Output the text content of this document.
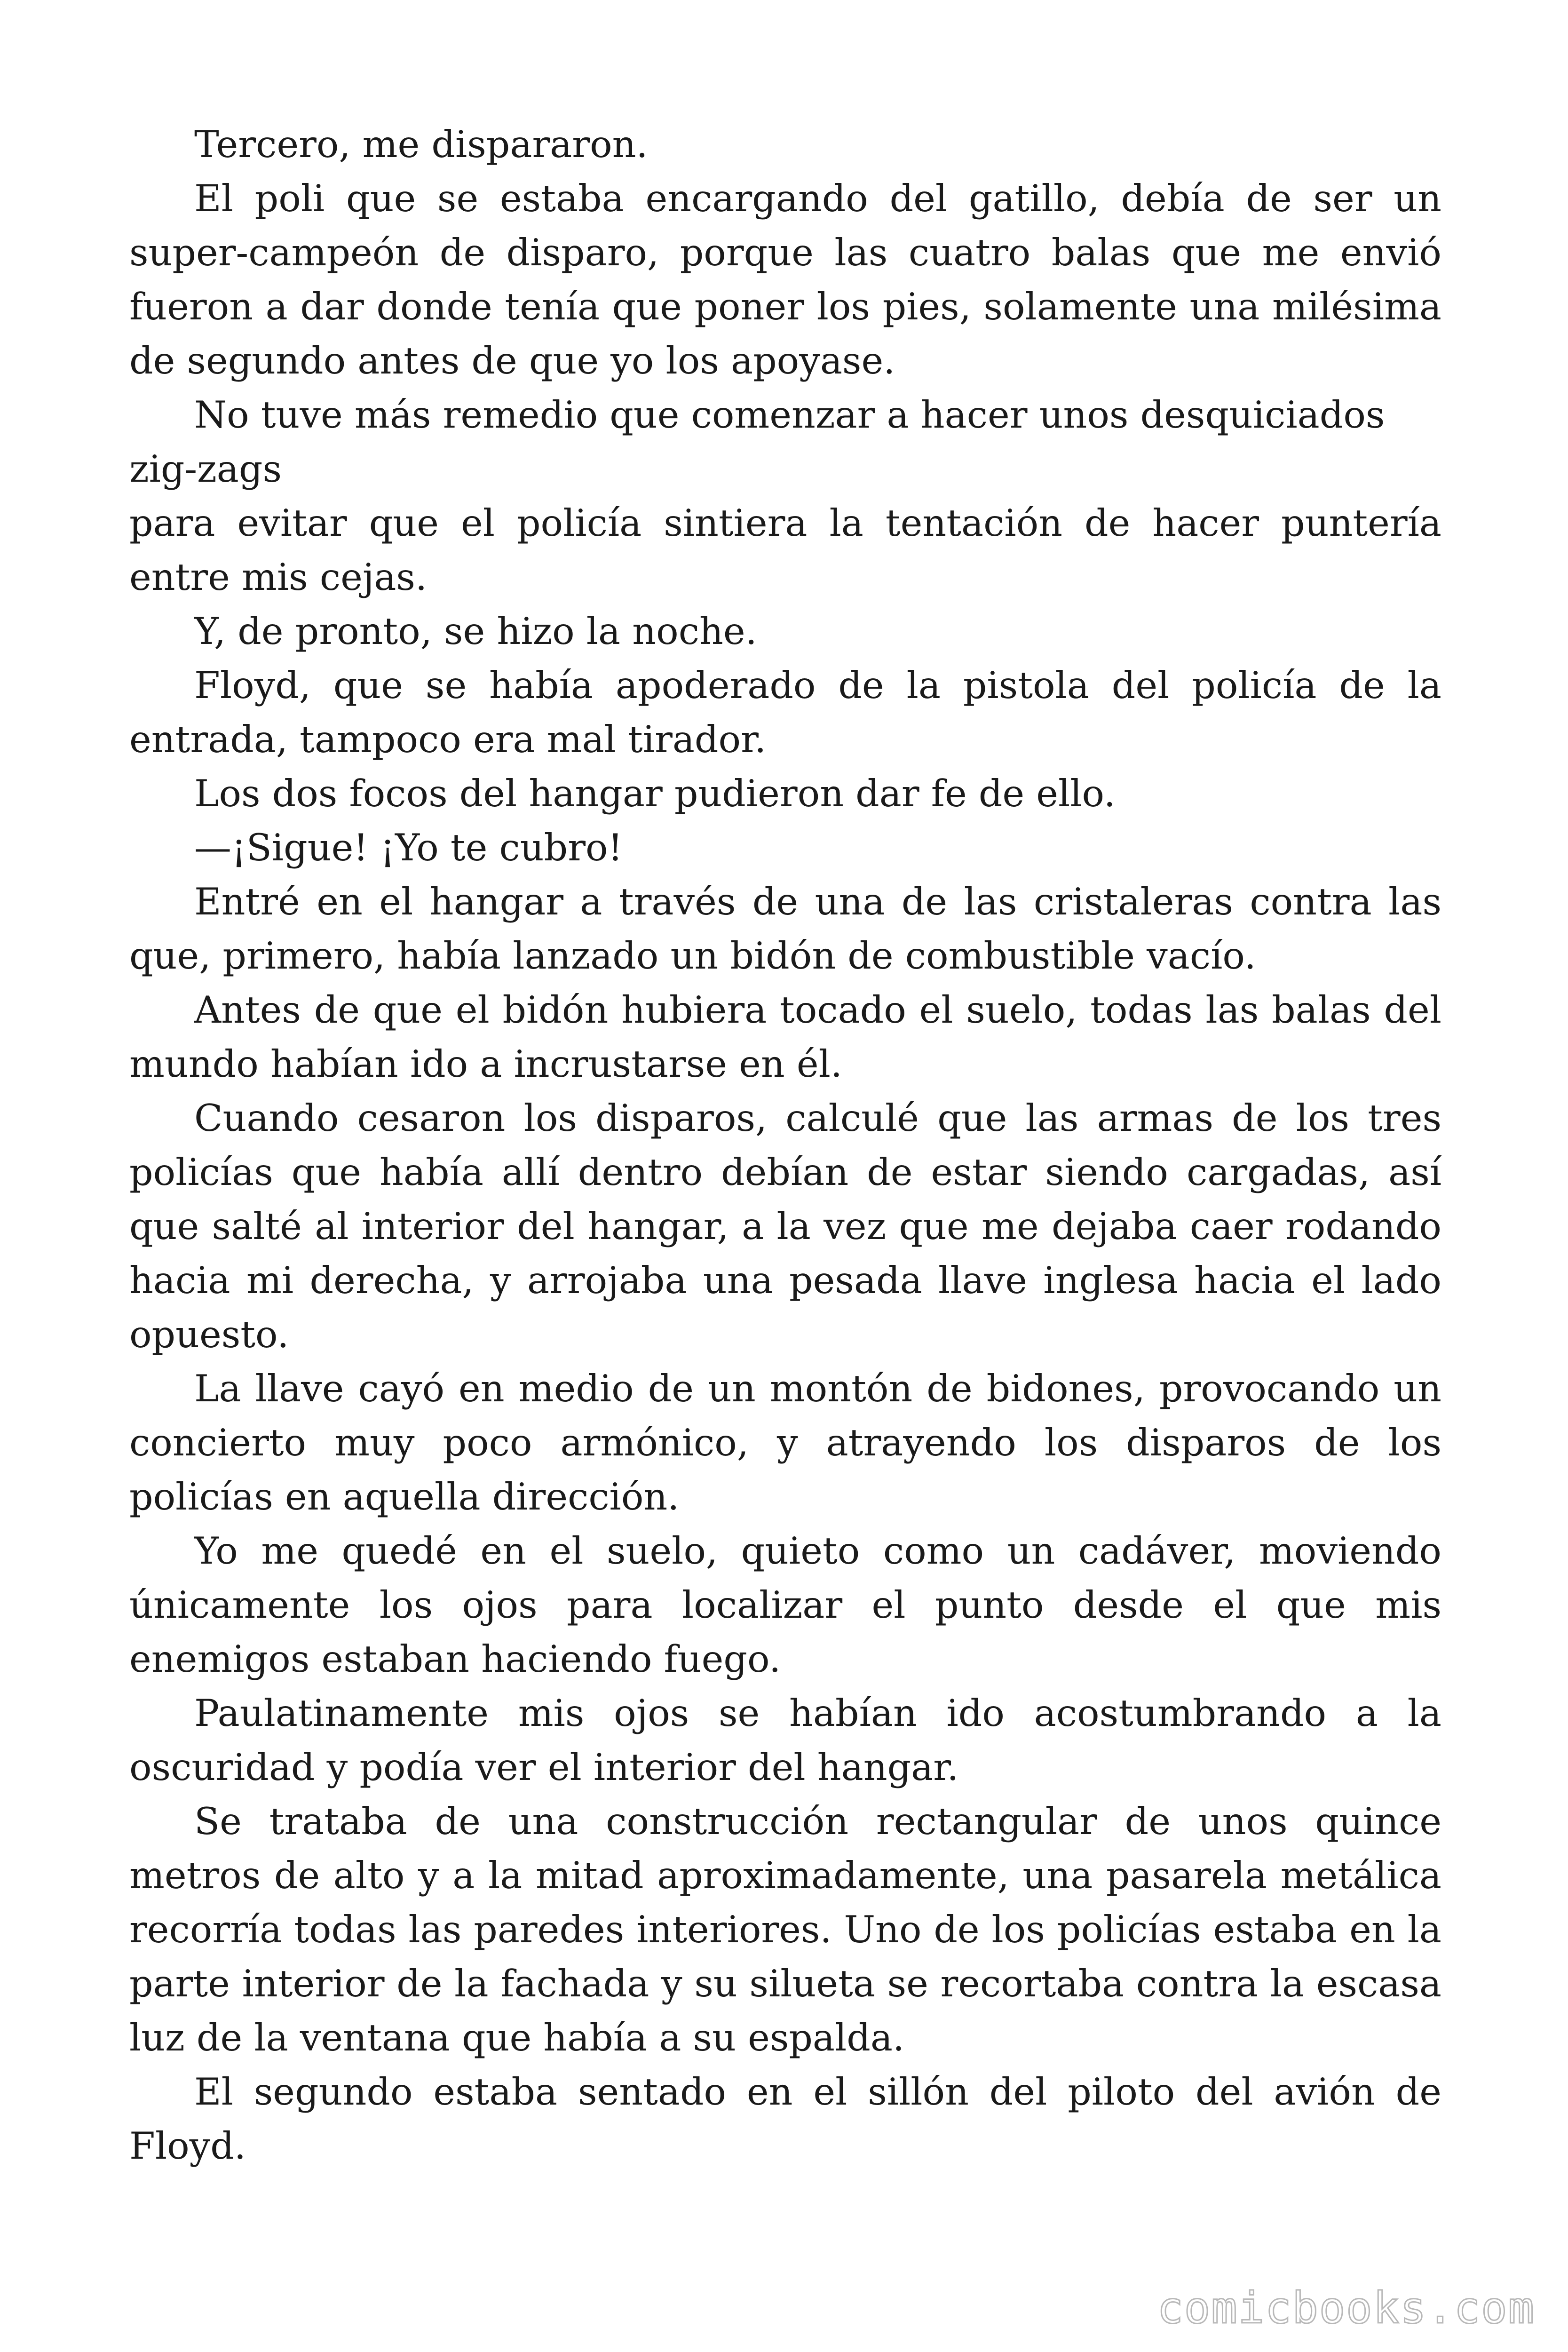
Tercero, me dispararon.

El poli que se estaba encargando del gatillo, debía de ser un super-campeón de disparo, porque las cuatro balas que me envió fueron a dar donde tenía que poner los pies, solamente una milésima de segundo antes de que yo los apoyase.

No tuve más remedio que comenzar a hacer unos desquiciados zig-zags

para evitar que el policía sintiera la tentación de hacer puntería entre mis cejas.

Y, de pronto, se hizo la noche.

Floyd, que se había apoderado de la pistola del policía de la entrada, tampoco era mal tirador.

Los dos focos del hangar pudieron dar fe de ello.

—¡Sigue! ¡Yo te cubro!

Entré en el hangar a través de una de las cristaleras contra las que, primero, había lanzado un bidón de combustible vacío.

Antes de que el bidón hubiera tocado el suelo, todas las balas del mundo habían ido a incrustarse en él.

Cuando cesaron los disparos, calculé que las armas de los tres policías que había allí dentro debían de estar siendo cargadas, así que salté al interior del hangar, a la vez que me dejaba caer rodando hacia mi derecha, y arrojaba una pesada llave inglesa hacia el lado opuesto.

La llave cayó en medio de un montón de bidones, provocando un concierto muy poco armónico, y atrayendo los disparos de los policías en aquella dirección.

Yo me quedé en el suelo, quieto como un cadáver, moviendo únicamente los ojos para localizar el punto desde el que mis enemigos estaban haciendo fuego.

Paulatinamente mis ojos se habían ido acostumbrando a la oscuridad y podía ver el interior del hangar.

Se trataba de una construcción rectangular de unos quince metros de alto y a la mitad aproximadamente, una pasarela metálica recorría todas las paredes interiores. Uno de los policías estaba en la parte interior de la fachada y su silueta se recortaba contra la escasa luz de la ventana que había a su espalda.

El segundo estaba sentado en el sillón del piloto del avión de Floyd.

comicbooks.com
